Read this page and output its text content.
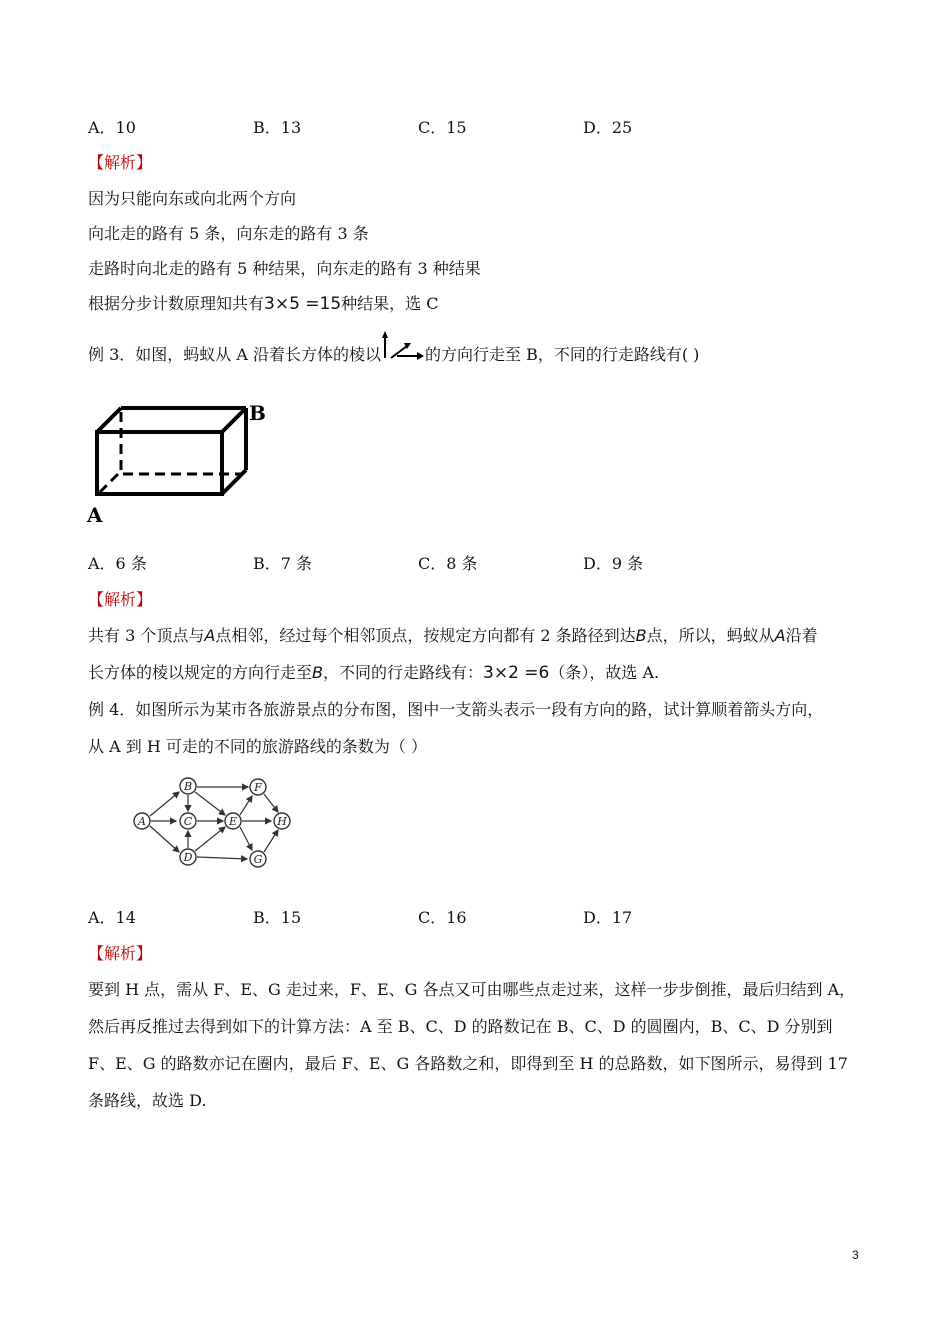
A．10	B．13	C．15	D．25
【解析】
因为只能向东或向北两个方向
向北走的路有 5 条，向东走的路有 3 条
走路时向北走的路有 5 种结果，向东走的路有 3 种结果
根据分步计数原理知共有3×5 =15种结果，选 C
例 3．如图，蚂蚁从 A 沿着长方体的棱以	的方向行走至 B，不同的行走路线有( )
A
B
A．6 条	B．7 条	C．8 条	D．9 条
【解析】
共有 3 个顶点与A点相邻，经过每个相邻顶点，按规定方向都有 2 条路径到达B点，所以，蚂蚁从A沿着
长方体的棱以规定的方向行走至B，不同的行走路线有：3×2 =6（条），故选 A.
例 4．如图所示为某市各旅游景点的分布图，图中一支箭头表示一段有方向的路，试计算顺着箭头方向，
从 A 到 H 可走的不同的旅游路线的条数为（ ）
A
B
C
D
E
F
G
H
A．14	B．15	C．16	D．17
【解析】
要到 H 点，需从 F、E、G 走过来，F、E、G 各点又可由哪些点走过来，这样一步步倒推，最后归结到 A，
然后再反推过去得到如下的计算方法：A 至 B、C、D 的路数记在 B、C、D 的圆圈内，B、C、D 分别到
F、E、G 的路数亦记在圈内，最后 F、E、G 各路数之和，即得到至 H 的总路数，如下图所示，易得到 17
条路线，故选 D.
3
